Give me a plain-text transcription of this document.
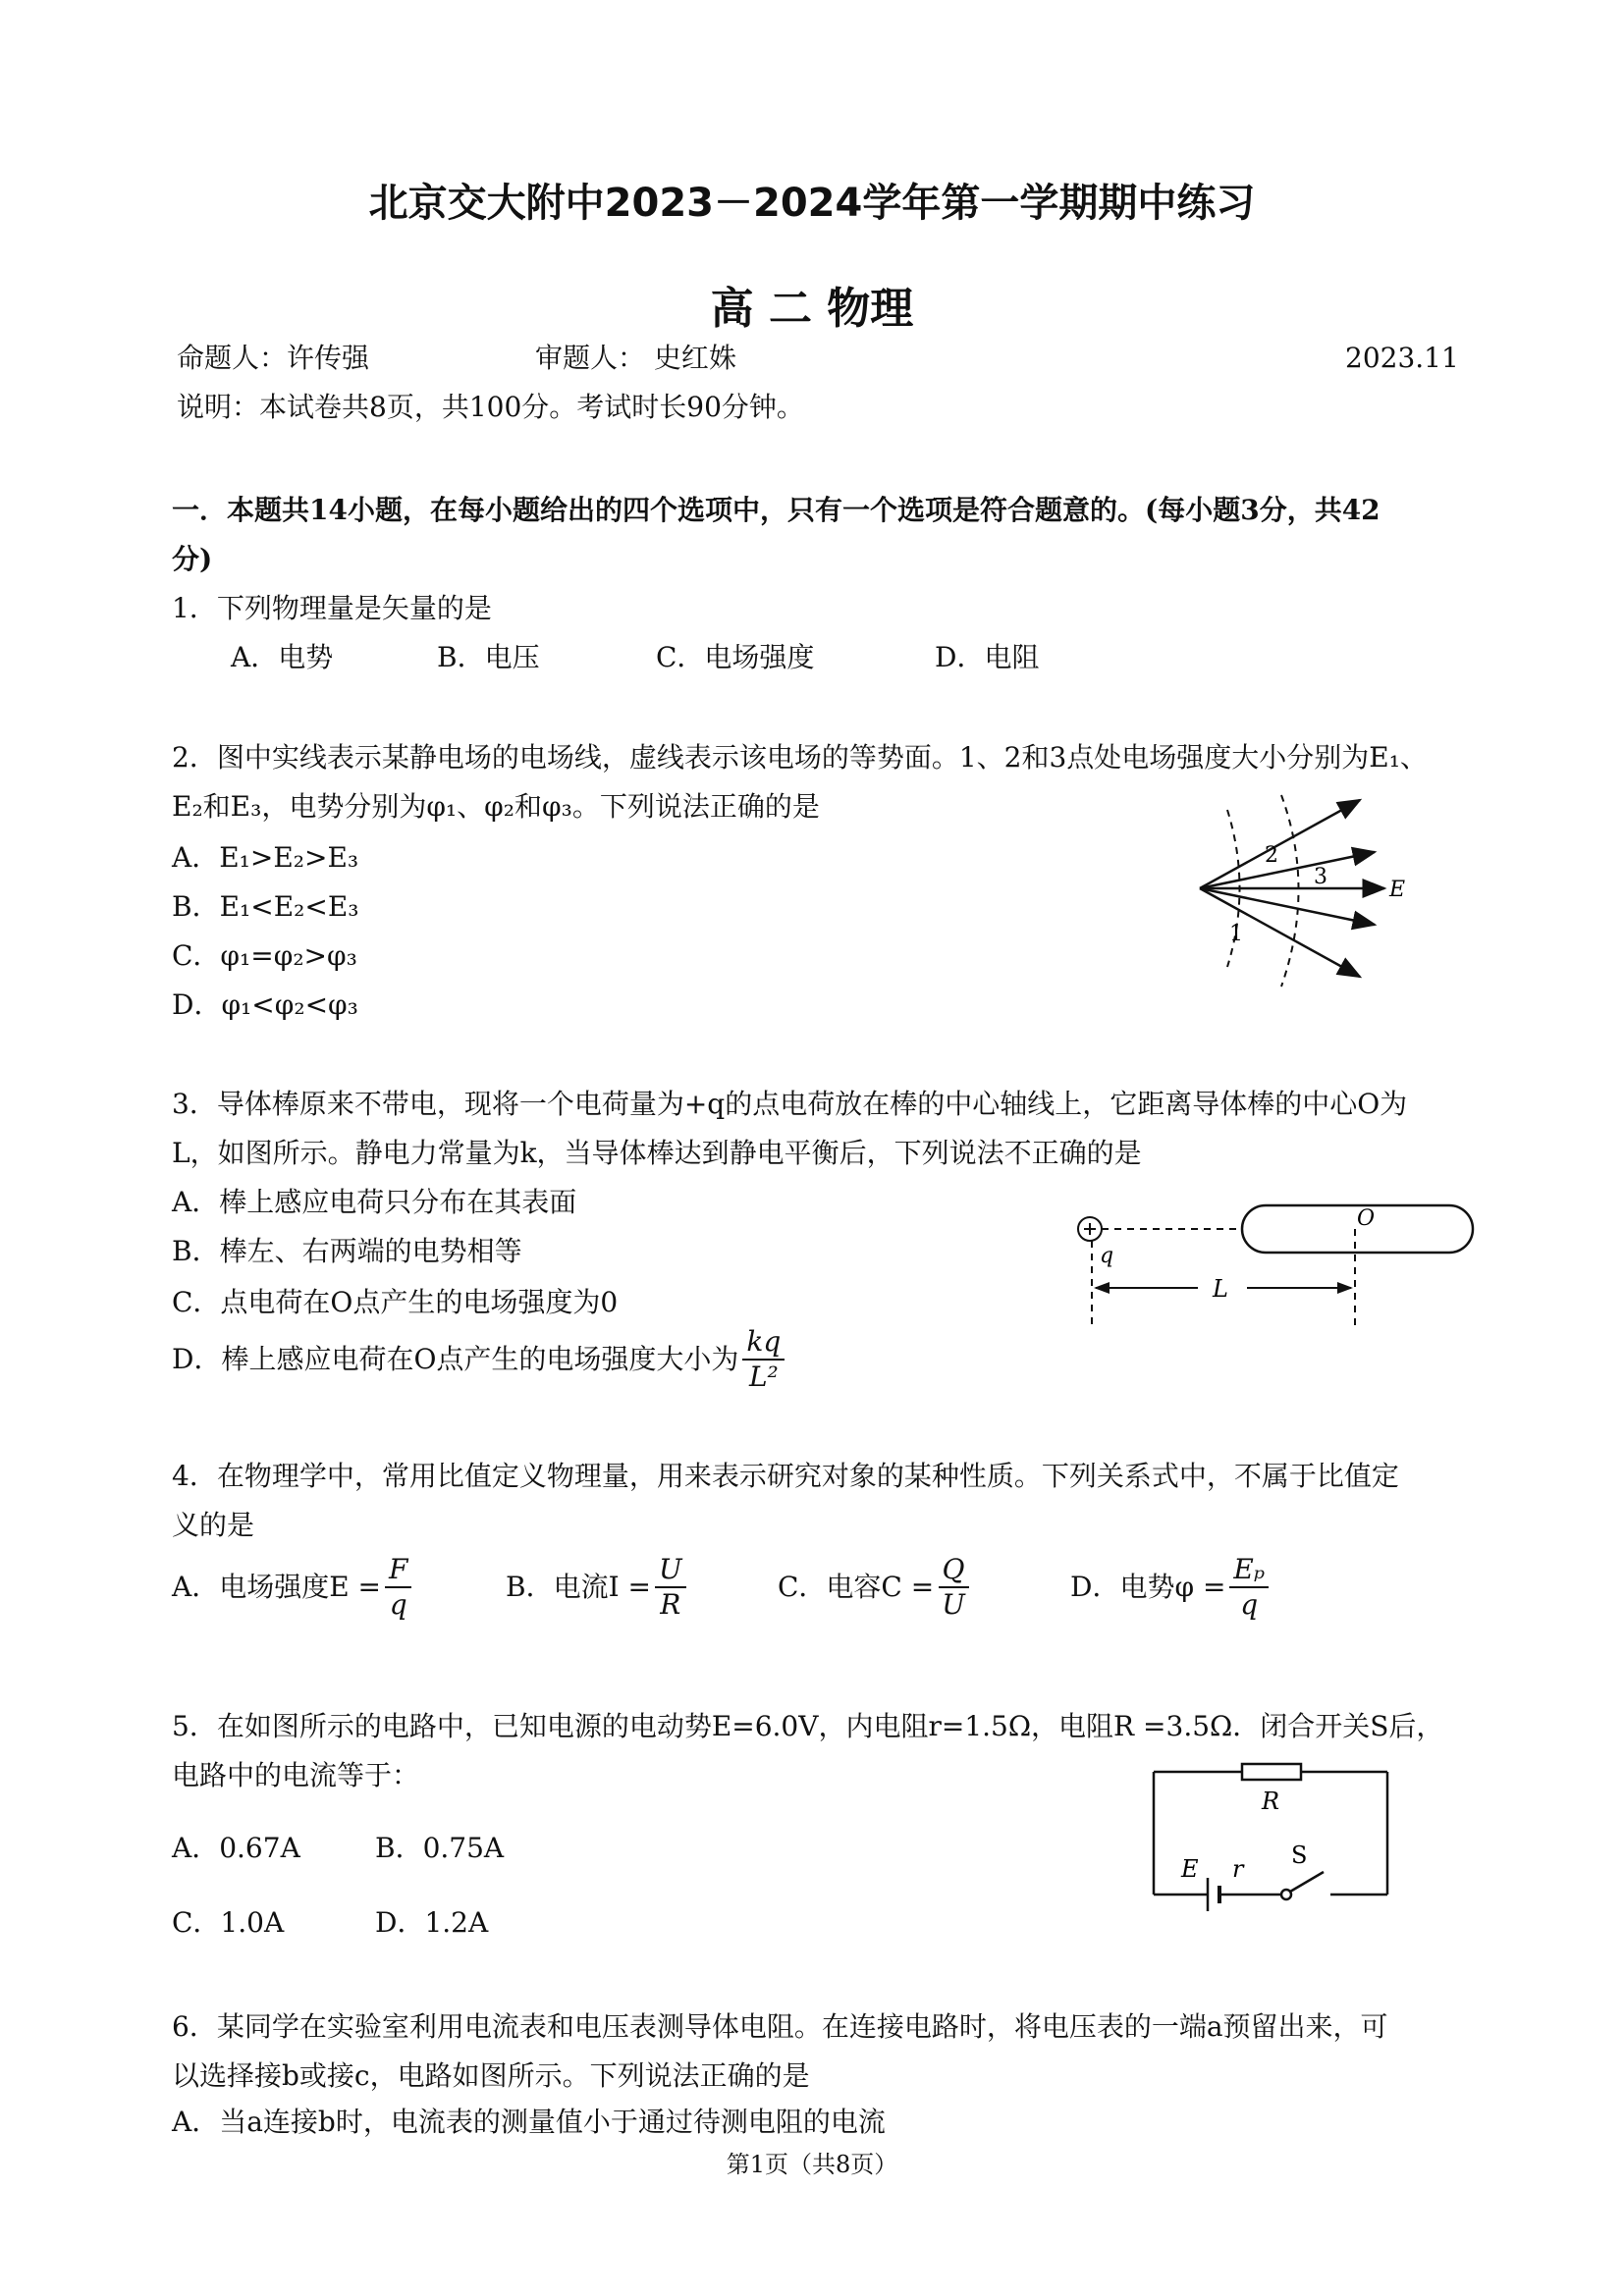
北京交大附中2023－2024学年第一学期期中练习
高 二 物理
命题人：许传强	审题人： 史红姝	2023.11
说明：本试卷共8页，共100分。考试时长90分钟。
一．本题共14小题，在每小题给出的四个选项中，只有一个选项是符合题意的。(每小题3分，共42
分)
1．下列物理量是矢量的是
A．电势	B．电压	C．电场强度	D．电阻
2．图中实线表示某静电场的电场线，虚线表示该电场的等势面。1、2和3点处电场强度大小分别为E₁、
E₂和E₃，电势分别为φ₁、φ₂和φ₃。下列说法正确的是
A．E₁>E₂>E₃
B．E₁<E₂<E₃
C．φ₁=φ₂>φ₃
D．φ₁<φ₂<φ₃
2
3
1
E
3．导体棒原来不带电，现将一个电荷量为+q的点电荷放在棒的中心轴线上，它距离导体棒的中心O为
L，如图所示。静电力常量为k，当导体棒达到静电平衡后，下列说法不正确的是
A．棒上感应电荷只分布在其表面
B．棒左、右两端的电势相等
C．点电荷在O点产生的电场强度为0
D．棒上感应电荷在O点产生的电场强度大小为 $\frac{kq}{\text{L²}}$
L
q
O
4．在物理学中，常用比值定义物理量，用来表示研究对象的某种性质。下列关系式中，不属于比值定
义的是
A．电场强度$E = \frac{F}{q}$	B．电流$I = \frac{U}{R}$	C．电容$C = \frac{Q}{U}$	D．电势$\varphi = \frac{\text{Eₚ}}{q}$
5．在如图所示的电路中，已知电源的电动势E=6.0V，内电阻r=1.5Ω，电阻R =3.5Ω．闭合开关S后，
电路中的电流等于：
A．0.67A	B．0.75A
C．1.0A	D．1.2A
R
E r S
6．某同学在实验室利用电流表和电压表测导体电阻。在连接电路时，将电压表的一端a预留出来，可
以选择接b或接c，电路如图所示。下列说法正确的是
A．当a连接b时，电流表的测量值小于通过待测电阻的电流
第1页（共8页）
